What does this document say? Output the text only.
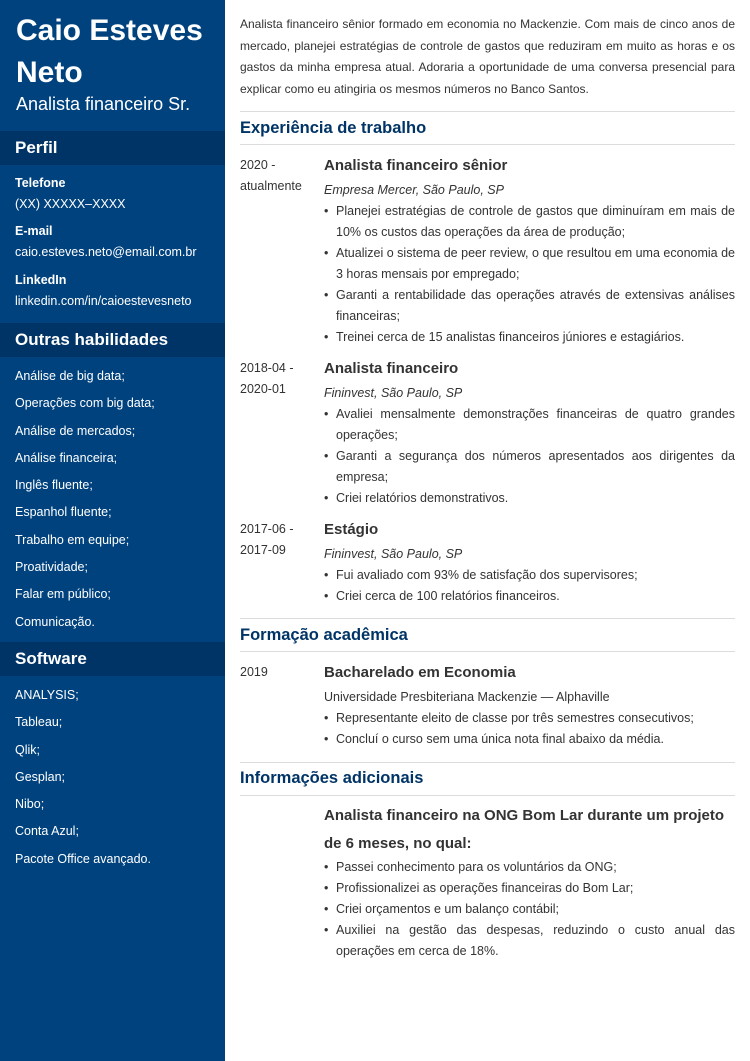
Caio Esteves Neto
Analista financeiro Sr.
Perfil
Telefone
(XX) XXXXX–XXXX
E-mail
caio.esteves.neto@email.com.br
LinkedIn
linkedin.com/in/caioestevesneto
Outras habilidades
Análise de big data;
Operações com big data;
Análise de mercados;
Análise financeira;
Inglês fluente;
Espanhol fluente;
Trabalho em equipe;
Proatividade;
Falar em público;
Comunicação.
Software
ANALYSIS;
Tableau;
Qlik;
Gesplan;
Nibo;
Conta Azul;
Pacote Office avançado.

Analista financeiro sênior formado em economia no Mackenzie. Com mais de cinco anos de mercado, planejei estratégias de controle de gastos que reduziram em muito as horas e os gastos da minha empresa atual. Adoraria a oportunidade de uma conversa presencial para explicar como eu atingiria os mesmos números no Banco Santos.

Experiência de trabalho
2020 -
atualmente
Analista financeiro sênior
Empresa Mercer, São Paulo, SP
• Planejei estratégias de controle de gastos que diminuíram em mais de 10% os custos das operações da área de produção;
• Atualizei o sistema de peer review, o que resultou em uma economia de 3 horas mensais por empregado;
• Garanti a rentabilidade das operações através de extensivas análises financeiras;
• Treinei cerca de 15 analistas financeiros júniores e estagiários.
2018-04 -
2020-01
Analista financeiro
Fininvest, São Paulo, SP
• Avaliei mensalmente demonstrações financeiras de quatro grandes operações;
• Garanti a segurança dos números apresentados aos dirigentes da empresa;
• Criei relatórios demonstrativos.
2017-06 -
2017-09
Estágio
Fininvest, São Paulo, SP
• Fui avaliado com 93% de satisfação dos supervisores;
• Criei cerca de 100 relatórios financeiros.
Formação acadêmica
2019	Bacharelado em Economia
Universidade Presbiteriana Mackenzie — Alphaville
• Representante eleito de classe por três semestres consecutivos;
• Concluí o curso sem uma única nota final abaixo da média.
Informações adicionais
Analista financeiro na ONG Bom Lar durante um projeto de 6 meses, no qual:
• Passei conhecimento para os voluntários da ONG;
• Profissionalizei as operações financeiras do Bom Lar;
• Criei orçamentos e um balanço contábil;
• Auxiliei na gestão das despesas, reduzindo o custo anual das operações em cerca de 18%.
